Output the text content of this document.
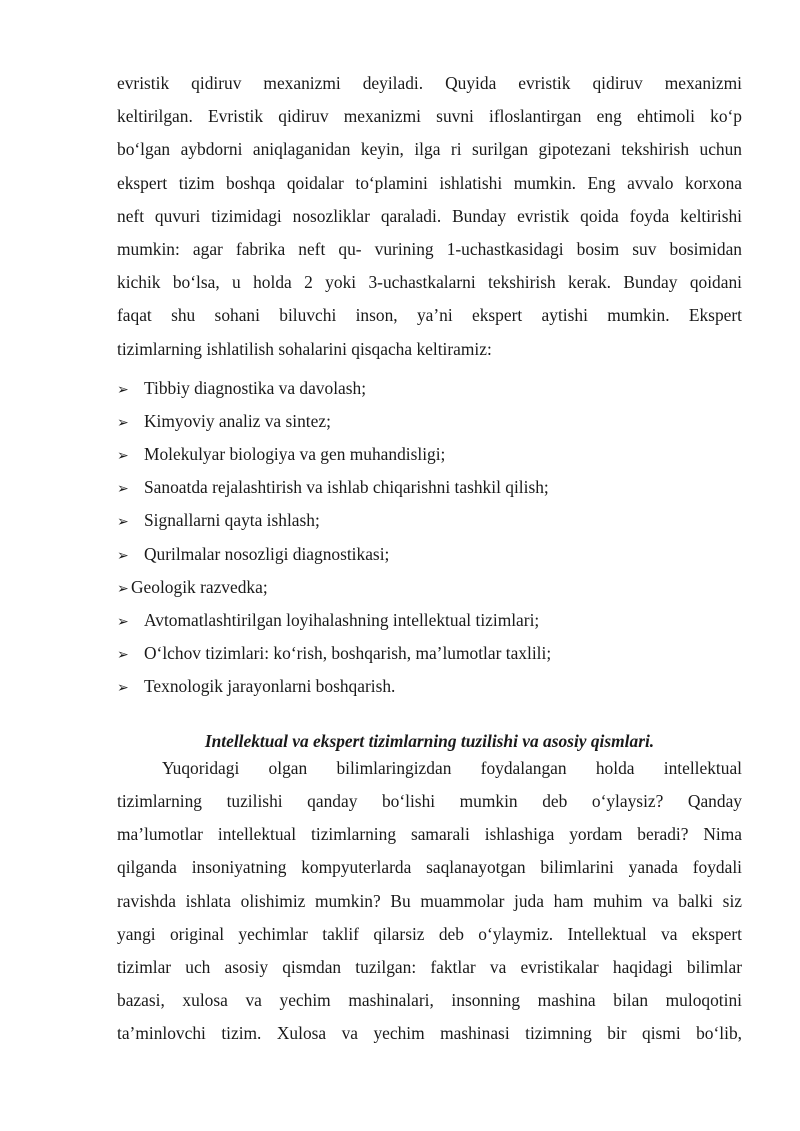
evristik qidiruv mexanizmi deyiladi. Quyida evristik qidiruv mexanizmi
keltirilgan. Evristik qidiruv mexanizmi suvni ifloslantirgan eng ehtimoli ko‘p
bo‘lgan aybdorni aniqlaganidan keyin, ilga ri surilgan gipotezani tekshirish uchun
ekspert tizim boshqa qoidalar to‘plamini ishlatishi mumkin. Eng avvalo korxona
neft quvuri tizimidagi nosozliklar qaraladi. Bunday evristik qoida foyda keltirishi
mumkin: agar fabrika neft qu- vurining 1-uchastkasidagi bosim suv bosimidan
kichik bo‘lsa, u holda 2 yoki 3-uchastkalarni tekshirish kerak. Bunday qoidani
faqat shu sohani biluvchi inson, ya’ni ekspert aytishi mumkin. Ekspert
tizimlarning ishlatilish sohalarini qisqacha keltiramiz:
➢ Tibbiy diagnostika va davolash;
➢ Kimyoviy analiz va sintez;
➢ Molekulyar biologiya va gen muhandisligi;
➢ Sanoatda rejalashtirish va ishlab chiqarishni tashkil qilish;
➢ Signallarni qayta ishlash;
➢ Qurilmalar nosozligi diagnostikasi;
➢ Geologik razvedka;
➢ Avtomatlashtirilgan loyihalashning intellektual tizimlari;
➢ O‘lchov tizimlari: ko‘rish, boshqarish, ma’lumotlar taxlili;
➢ Texnologik jarayonlarni boshqarish.
Intellektual va ekspert tizimlarning tuzilishi va asosiy qismlari.
Yuqoridagi olgan bilimlaringizdan foydalangan holda intellektual
tizimlarning tuzilishi qanday bo‘lishi mumkin deb o‘ylaysiz? Qanday
ma’lumotlar intellektual tizimlarning samarali ishlashiga yordam beradi? Nima
qilganda insoniyatning kompyuterlarda saqlanayotgan bilimlarini yanada foydali
ravishda ishlata olishimiz mumkin? Bu muammolar juda ham muhim va balki siz
yangi original yechimlar taklif qilarsiz deb o‘ylaymiz. Intellektual va ekspert
tizimlar uch asosiy qismdan tuzilgan: faktlar va evristikalar haqidagi bilimlar
bazasi, xulosa va yechim mashinalari, insonning mashina bilan muloqotini
ta’minlovchi tizim. Xulosa va yechim mashinasi tizimning bir qismi bo‘lib,
